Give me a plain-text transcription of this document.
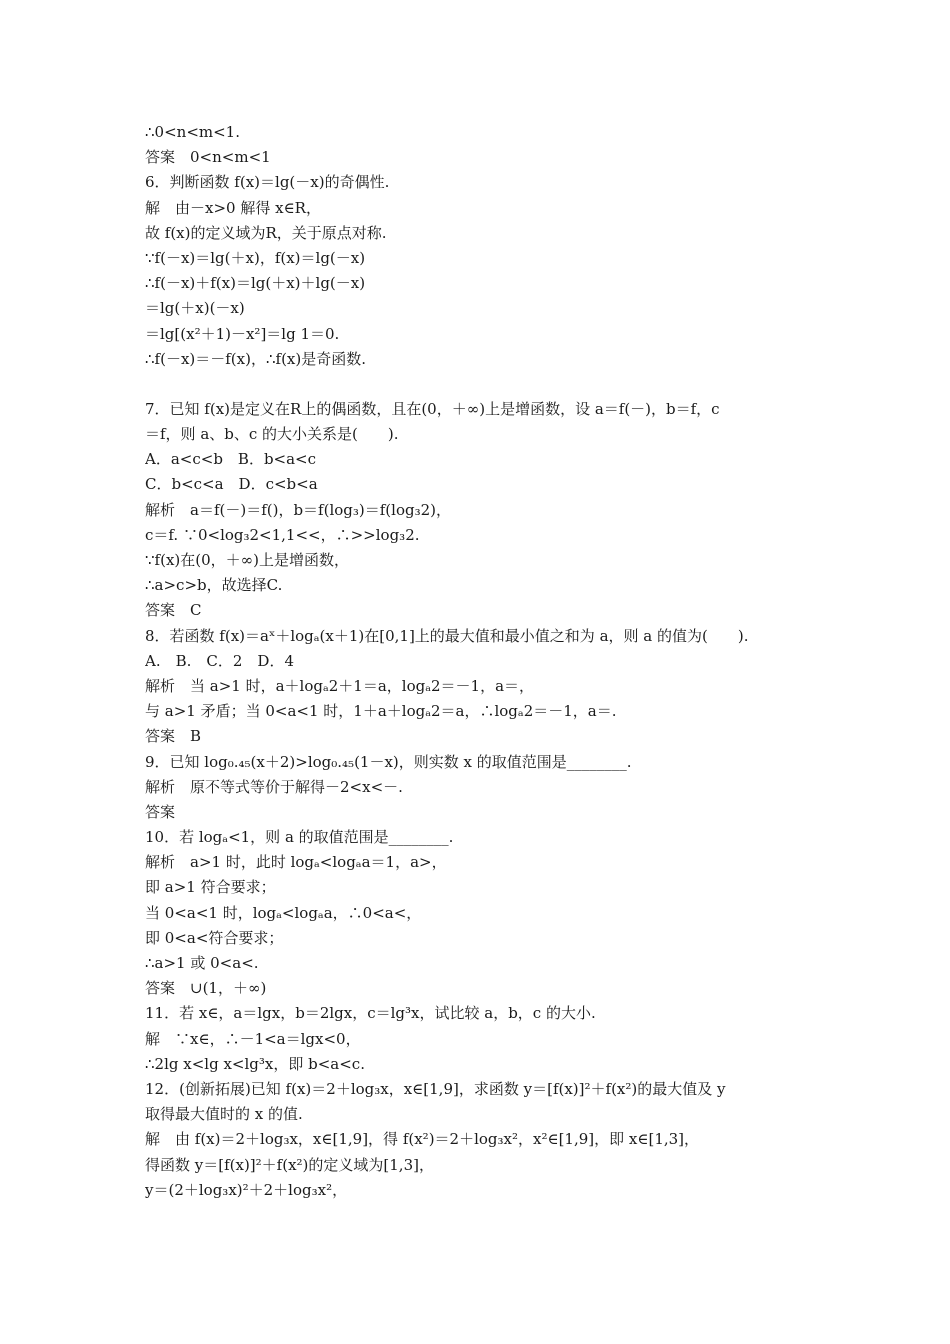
∴0<n<m<1.
答案　0<n<m<1
6．判断函数 f(x)＝lg(－x)的奇偶性.
解　由－x>0 解得 x∈R，
故 f(x)的定义域为R，关于原点对称.
∵f(－x)＝lg(＋x)，f(x)＝lg(－x)
∴f(－x)＋f(x)＝lg(＋x)＋lg(－x)
＝lg(＋x)(－x)
＝lg[(x²＋1)－x²]＝lg 1＝0.
∴f(－x)＝－f(x)，∴f(x)是奇函数.
7．已知 f(x)是定义在R上的偶函数，且在(0，＋∞)上是增函数，设 a＝f(－)，b＝f，c
＝f，则 a、b、c 的大小关系是(　　).
A．a<c<b　B．b<a<c
C．b<c<a　D．c<b<a
解析　a＝f(－)＝f()，b＝f(log₃)＝f(log₃2)，
c＝f. ∵0<log₃2<1,1<<，∴>>log₃2.
∵f(x)在(0，＋∞)上是增函数，
∴a>c>b，故选择C.
答案　C
8．若函数 f(x)＝aˣ＋logₐ(x＋1)在[0,1]上的最大值和最小值之和为 a，则 a 的值为(　　).
A.　B.　C．2　D．4
解析　当 a>1 时，a＋logₐ2＋1＝a，logₐ2＝－1，a＝，
与 a>1 矛盾；当 0<a<1 时，1＋a＋logₐ2＝a，∴logₐ2＝－1，a＝.
答案　B
9．已知 log₀.₄₅(x＋2)>log₀.₄₅(1－x)，则实数 x 的取值范围是________.
解析　原不等式等价于解得－2<x<－.
答案
10．若 logₐ<1，则 a 的取值范围是________.
解析　a>1 时，此时 logₐ<logₐa＝1，a>，
即 a>1 符合要求；
当 0<a<1 时，logₐ<logₐa，∴0<a<，
即 0<a<符合要求；
∴a>1 或 0<a<.
答案　∪(1，＋∞)
11．若 x∈，a＝lgx，b＝2lgx，c＝lg³x，试比较 a，b，c 的大小.
解　∵x∈，∴－1<a＝lgx<0，
∴2lg x<lg x<lg³x，即 b<a<c.
12．(创新拓展)已知 f(x)＝2＋log₃x，x∈[1,9]，求函数 y＝[f(x)]²＋f(x²)的最大值及 y
取得最大值时的 x 的值.
解　由 f(x)＝2＋log₃x，x∈[1,9]，得 f(x²)＝2＋log₃x²，x²∈[1,9]，即 x∈[1,3]，
得函数 y＝[f(x)]²＋f(x²)的定义域为[1,3]，
y＝(2＋log₃x)²＋2＋log₃x²，
